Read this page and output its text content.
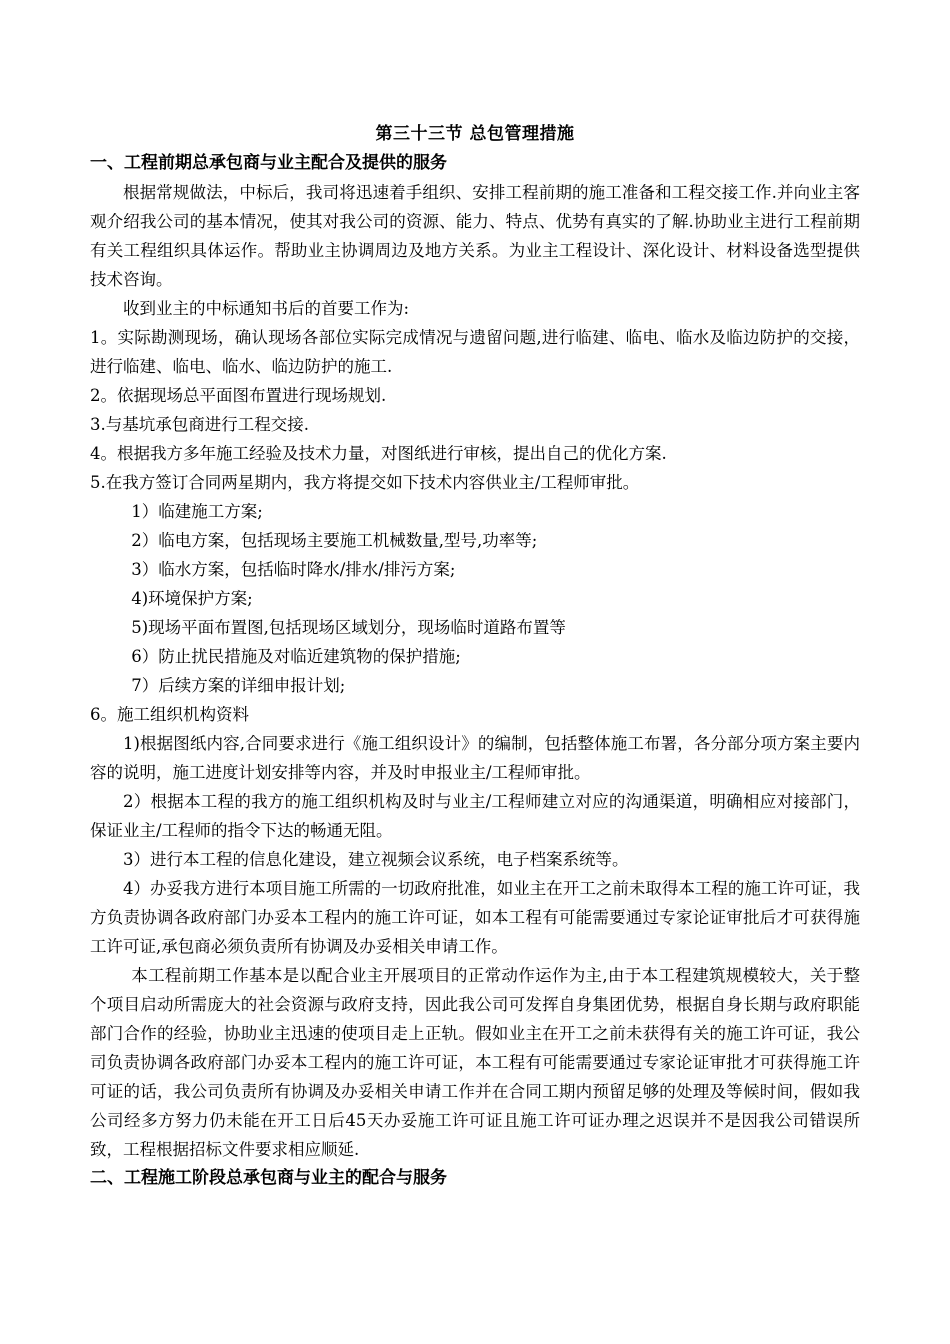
第三十三节 总包管理措施

一、工程前期总承包商与业主配合及提供的服务

根据常规做法，中标后，我司将迅速着手组织、安排工程前期的施工准备和工程交接工作.并向业主客观介绍我公司的基本情况，使其对我公司的资源、能力、特点、优势有真实的了解.协助业主进行工程前期有关工程组织具体运作。帮助业主协调周边及地方关系。为业主工程设计、深化设计、材料设备选型提供技术咨询。

收到业主的中标通知书后的首要工作为:

1。实际勘测现场，确认现场各部位实际完成情况与遗留问题,进行临建、临电、临水及临边防护的交接，进行临建、临电、临水、临边防护的施工.

2。依据现场总平面图布置进行现场规划.

3.与基坑承包商进行工程交接.

4。根据我方多年施工经验及技术力量，对图纸进行审核，提出自己的优化方案.

5.在我方签订合同两星期内，我方将提交如下技术内容供业主/工程师审批。

1）临建施工方案;

2）临电方案，包括现场主要施工机械数量,型号,功率等;

3）临水方案，包括临时降水/排水/排污方案;

4)环境保护方案;

5)现场平面布置图,包括现场区域划分，现场临时道路布置等

6）防止扰民措施及对临近建筑物的保护措施;

7）后续方案的详细申报计划;

6。施工组织机构资料

1)根据图纸内容,合同要求进行《施工组织设计》的编制，包括整体施工布署，各分部分项方案主要内容的说明，施工进度计划安排等内容，并及时申报业主/工程师审批。

2）根据本工程的我方的施工组织机构及时与业主/工程师建立对应的沟通渠道，明确相应对接部门，保证业主/工程师的指令下达的畅通无阻。

3）进行本工程的信息化建设，建立视频会议系统，电子档案系统等。

4）办妥我方进行本项目施工所需的一切政府批准，如业主在开工之前未取得本工程的施工许可证，我方负责协调各政府部门办妥本工程内的施工许可证，如本工程有可能需要通过专家论证审批后才可获得施工许可证,承包商必须负责所有协调及办妥相关申请工作。

本工程前期工作基本是以配合业主开展项目的正常动作运作为主,由于本工程建筑规模较大，关于整个项目启动所需庞大的社会资源与政府支持，因此我公司可发挥自身集团优势，根据自身长期与政府职能部门合作的经验，协助业主迅速的使项目走上正轨。假如业主在开工之前未获得有关的施工许可证，我公司负责协调各政府部门办妥本工程内的施工许可证，本工程有可能需要通过专家论证审批才可获得施工许可证的话，我公司负责所有协调及办妥相关申请工作并在合同工期内预留足够的处理及等候时间，假如我公司经多方努力仍未能在开工日后45天办妥施工许可证且施工许可证办理之迟误并不是因我公司错误所致，工程根据招标文件要求相应顺延.

二、工程施工阶段总承包商与业主的配合与服务
